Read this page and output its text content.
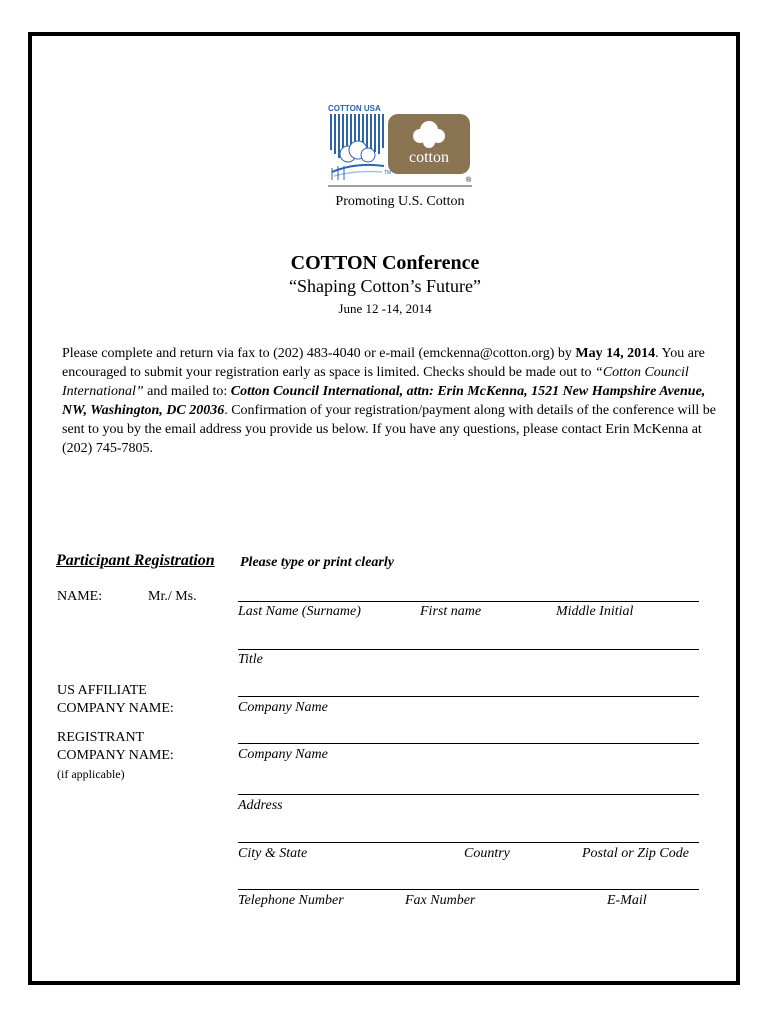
COTTON USA
TM
cotton
®
Promoting U.S. Cotton
COTTON Conference
“Shaping Cotton’s Future”
June 12 -14, 2014
Please complete and return via fax to (202) 483-4040 or e-mail (emckenna@cotton.org) by May 14, 2014. You are encouraged to submit your registration early as space is limited. Checks should be made out to “Cotton Council International” and mailed to: Cotton Council International, attn: Erin McKenna, 1521 New Hampshire Avenue, NW, Washington, DC 20036. Confirmation of your registration/payment along with details of the conference will be sent to you by the email address you provide us below. If you have any questions, please contact Erin McKenna at (202) 745-7805.
Participant Registration Please type or print clearly
NAME:	Mr./ Ms.
Last Name (Surname)	First name	Middle Initial
Title
US AFFILIATE
COMPANY NAME:	Company Name
REGISTRANT
COMPANY NAME:
(if applicable)
Company Name
Address
City & State	Country	Postal or Zip Code
Telephone Number	Fax Number	E-Mail
